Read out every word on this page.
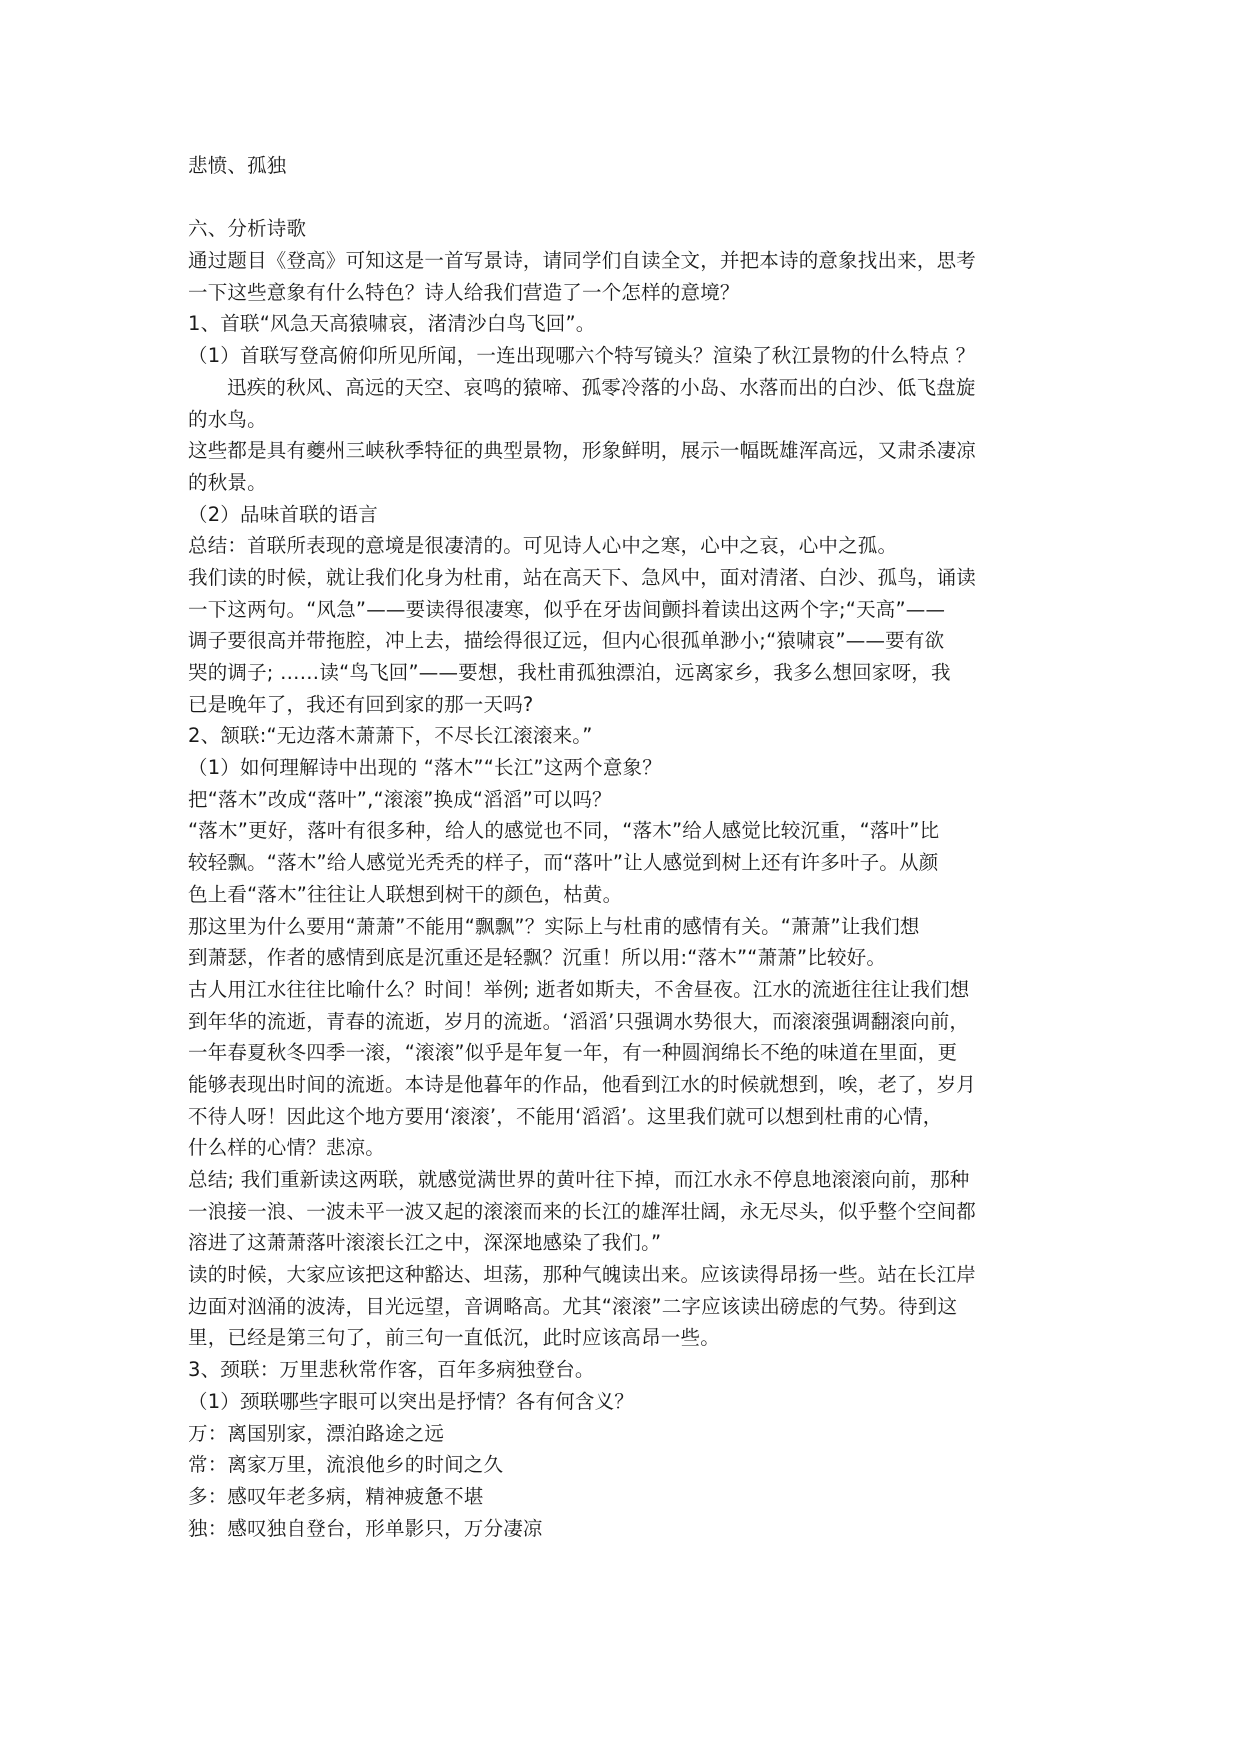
悲愤、孤独
六、分析诗歌
通过题目《登高》可知这是一首写景诗，请同学们自读全文，并把本诗的意象找出来，思考
一下这些意象有什么特色？诗人给我们营造了一个怎样的意境？
1、首联“风急天高猿啸哀，渚清沙白鸟飞回”。
（1）首联写登高俯仰所见所闻，一连出现哪六个特写镜头？渲染了秋江景物的什么特点 ？
迅疾的秋风、高远的天空、哀鸣的猿啼、孤零冷落的小岛、水落而出的白沙、低飞盘旋
的水鸟。
这些都是具有夔州三峡秋季特征的典型景物，形象鲜明，展示一幅既雄浑高远，又肃杀凄凉
的秋景。
（2）品味首联的语言
总结：首联所表现的意境是很凄清的。可见诗人心中之寒，心中之哀，心中之孤。
我们读的时候，就让我们化身为杜甫，站在高天下、急风中，面对清渚、白沙、孤鸟，诵读
一下这两句。“风急”——要读得很凄寒，似乎在牙齿间颤抖着读出这两个字;“天高”——
调子要很高并带拖腔，冲上去，描绘得很辽远，但内心很孤单渺小;“猿啸哀”——要有欲
哭的调子; ……读“鸟飞回”——要想，我杜甫孤独漂泊，远离家乡，我多么想回家呀，我
已是晚年了，我还有回到家的那一天吗?
2、颔联:“无边落木萧萧下，不尽长江滚滚来。”
（1）如何理解诗中出现的 “落木”“长江”这两个意象？
把“落木”改成“落叶”,“滚滚”换成“滔滔”可以吗？
“落木”更好，落叶有很多种，给人的感觉也不同，“落木”给人感觉比较沉重，“落叶”比
较轻飘。“落木”给人感觉光秃秃的样子，而“落叶”让人感觉到树上还有许多叶子。从颜
色上看“落木”往往让人联想到树干的颜色，枯黄。
那这里为什么要用“萧萧”不能用“飘飘”？实际上与杜甫的感情有关。“萧萧”让我们想
到萧瑟，作者的感情到底是沉重还是轻飘？沉重！所以用:“落木”“萧萧”比较好。
古人用江水往往比喻什么？时间！举例; 逝者如斯夫，不舍昼夜。江水的流逝往往让我们想
到年华的流逝，青春的流逝，岁月的流逝。‘滔滔’只强调水势很大，而滚滚强调翻滚向前，
一年春夏秋冬四季一滚，“滚滚”似乎是年复一年，有一种圆润绵长不绝的味道在里面，更
能够表现出时间的流逝。本诗是他暮年的作品，他看到江水的时候就想到，唉，老了，岁月
不待人呀！因此这个地方要用‘滚滚’，不能用‘滔滔’。这里我们就可以想到杜甫的心情，
什么样的心情？悲凉。
总结; 我们重新读这两联，就感觉满世界的黄叶往下掉，而江水永不停息地滚滚向前，那种
一浪接一浪、一波未平一波又起的滚滚而来的长江的雄浑壮阔，永无尽头，似乎整个空间都
溶进了这萧萧落叶滚滚长江之中，深深地感染了我们。”
读的时候，大家应该把这种豁达、坦荡，那种气魄读出来。应该读得昂扬一些。站在长江岸
边面对汹涌的波涛，目光远望，音调略高。尤其“滚滚”二字应该读出磅虑的气势。待到这
里，已经是第三句了，前三句一直低沉，此时应该高昂一些。
3、颈联：万里悲秋常作客，百年多病独登台。
（1）颈联哪些字眼可以突出是抒情？各有何含义？
万：离国别家，漂泊路途之远
常：离家万里，流浪他乡的时间之久
多：感叹年老多病，精神疲惫不堪
独：感叹独自登台，形单影只，万分凄凉
